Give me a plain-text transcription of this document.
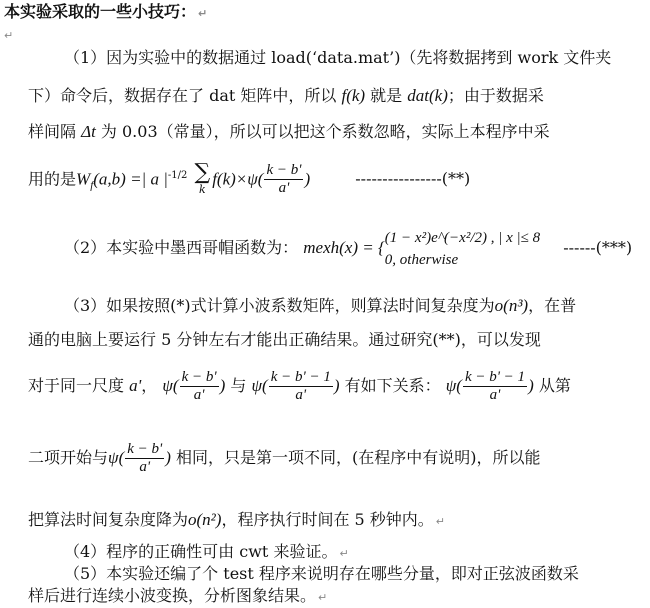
本实验采取的一些小技巧： ↵
↵
（1）因为实验中的数据通过 load(‘data.mat’)（先将数据拷到 work 文件夹
下）命令后，数据存在了 dat 矩阵中，所以 f(k) 就是 dat(k)；由于数据采
样间隔 Δt 为 0.03（常量），所以可以把这个系数忽略，实际上本程序中采
用的是$W_f(a,b)$ =| a $|^{-1/2}$ ∑
k
$f(k)\times\psi( \frac{k - b'}{a'}$ )	----------------(**)
（2）本实验中墨西哥帽函数为： mexh(x) = {
(1 − x²)e^(−x²/2) , | x |≤ 8
0, otherwise
------(***)
（3）如果按照(*)式计算小波系数矩阵，则算法时间复杂度为o(n³)，在普
通的电脑上要运行 5 分钟左右才能出正确结果。通过研究(**)，可以发现
对于同一尺度 a'， $\psi( \frac{k - b'}{a'}$ ) 与 $\psi( \frac{k - b' - 1}{a'}$ ) 有如下关系： $\psi( \frac{k - b' - 1}{a'}$ ) 从第
二项开始与$\psi( \frac{k - b'}{a'}$ ) 相同，只是第一项不同，(在程序中有说明)，所以能
把算法时间复杂度降为o(n²)，程序执行时间在 5 秒钟内。 ↵
（4）程序的正确性可由 cwt 来验证。 ↵
（5）本实验还编了个 test 程序来说明存在哪些分量，即对正弦波函数采
样后进行连续小波变换，分析图象结果。 ↵
